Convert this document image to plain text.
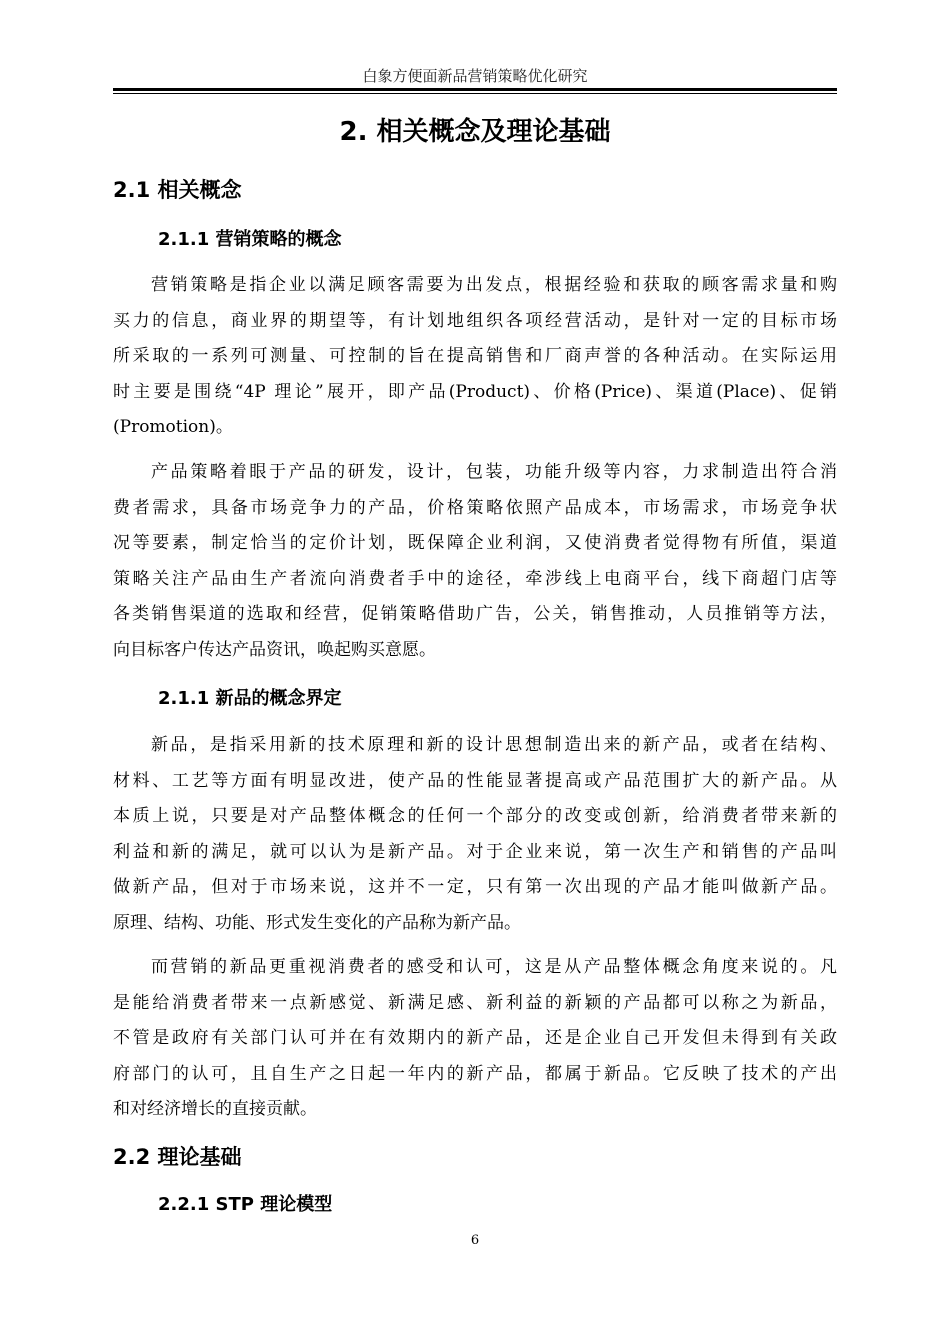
白象方便面新品营销策略优化研究
2. 相关概念及理论基础
2.1 相关概念
2.1.1 营销策略的概念
营销策略是指企业以满足顾客需要为出发点，根据经验和获取的顾客需求量和购
买力的信息，商业界的期望等，有计划地组织各项经营活动，是针对一定的目标市场
所采取的一系列可测量、可控制的旨在提高销售和厂商声誉的各种活动。在实际运用
时主要是围绕“4P 理论”展开，即产品(Product)、价格(Price)、渠道(Place)、促销
(Promotion)。
产品策略着眼于产品的研发，设计，包装，功能升级等内容，力求制造出符合消
费者需求，具备市场竞争力的产品，价格策略依照产品成本，市场需求，市场竞争状
况等要素，制定恰当的定价计划，既保障企业利润，又使消费者觉得物有所值，渠道
策略关注产品由生产者流向消费者手中的途径，牵涉线上电商平台，线下商超门店等
各类销售渠道的选取和经营，促销策略借助广告，公关，销售推动，人员推销等方法，
向目标客户传达产品资讯，唤起购买意愿。
2.1.1 新品的概念界定
新品，是指采用新的技术原理和新的设计思想制造出来的新产品，或者在结构、
材料、工艺等方面有明显改进，使产品的性能显著提高或产品范围扩大的新产品。从
本质上说，只要是对产品整体概念的任何一个部分的改变或创新，给消费者带来新的
利益和新的满足，就可以认为是新产品。对于企业来说，第一次生产和销售的产品叫
做新产品，但对于市场来说，这并不一定，只有第一次出现的产品才能叫做新产品。
原理、结构、功能、形式发生变化的产品称为新产品。
而营销的新品更重视消费者的感受和认可，这是从产品整体概念角度来说的。凡
是能给消费者带来一点新感觉、新满足感、新利益的新颖的产品都可以称之为新品，
不管是政府有关部门认可并在有效期内的新产品，还是企业自己开发但未得到有关政
府部门的认可，且自生产之日起一年内的新产品，都属于新品。它反映了技术的产出
和对经济增长的直接贡献。
2.2 理论基础
2.2.1 STP 理论模型
6
